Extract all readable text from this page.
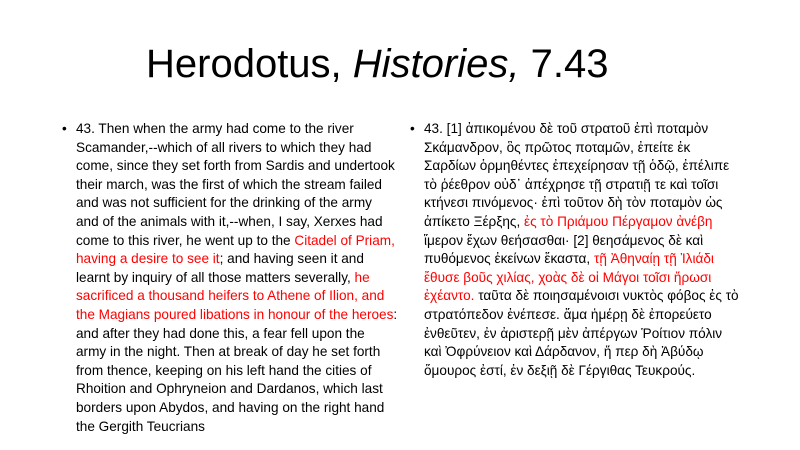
Herodotus, Histories, 7.43
• 43. Then when the army had come to the river Scamander,--which of all rivers to which they had come, since they set forth from Sardis and undertook their march, was the first of which the stream failed and was not sufficient for the drinking of the army and of the animals with it,--when, I say, Xerxes had come to this river, he went up to the Citadel of Priam, having a desire to see it; and having seen it and learnt by inquiry of all those matters severally, he sacrificed a thousand heifers to Athene of Ilion, and the Magians poured libations in honour of the heroes: and after they had done this, a fear fell upon the army in the night. Then at break of day he set forth from thence, keeping on his left hand the cities of Rhoition and Ophryneion and Dardanos, which last borders upon Abydos, and having on the right hand the Gergith Teucrians
• 43. [1] ἀπικομένου δὲ τοῦ στρατοῦ ἐπὶ ποταμὸν Σκάμανδρον, ὃς πρῶτος ποταμῶν, ἐπείτε ἐκ Σαρδίων ὁρμηθέντες ἐπεχείρησαν τῇ ὁδῷ, ἐπέλιπε τὸ ῥέεθρον οὐδ᾽ ἀπέχρησε τῇ στρατιῇ τε καὶ τοῖσι κτήνεσι πινόμενος· ἐπὶ τοῦτον δὴ τὸν ποταμὸν ὡς ἀπίκετο Ξέρξης, ἐς τὸ Πριάμου Πέργαμον ἀνέβη ἵμερον ἔχων θεήσασθαι· [2] θεησάμενος δὲ καὶ πυθόμενος ἐκείνων ἕκαστα, τῇ Ἀθηναίῃ τῇ Ἰλιάδι ἔθυσε βοῦς χιλίας, χοὰς δὲ οἱ Μάγοι τοῖσι ἥρωσι ἐχέαντο. ταῦτα δὲ ποιησαμένοισι νυκτὸς φόβος ἐς τὸ στρατόπεδον ἐνέπεσε. ἅμα ἡμέρῃ δὲ ἐπορεύετο ἐνθεῦτεν, ἐν ἀριστερῇ μὲν ἀπέργων Ῥοίτιον πόλιν καὶ Ὀφρύνειον καὶ Δάρδανον, ἥ περ δὴ Ἀβύδῳ ὅμουρος ἐστί, ἐν δεξιῇ δὲ Γέργιθας Τευκρούς.
